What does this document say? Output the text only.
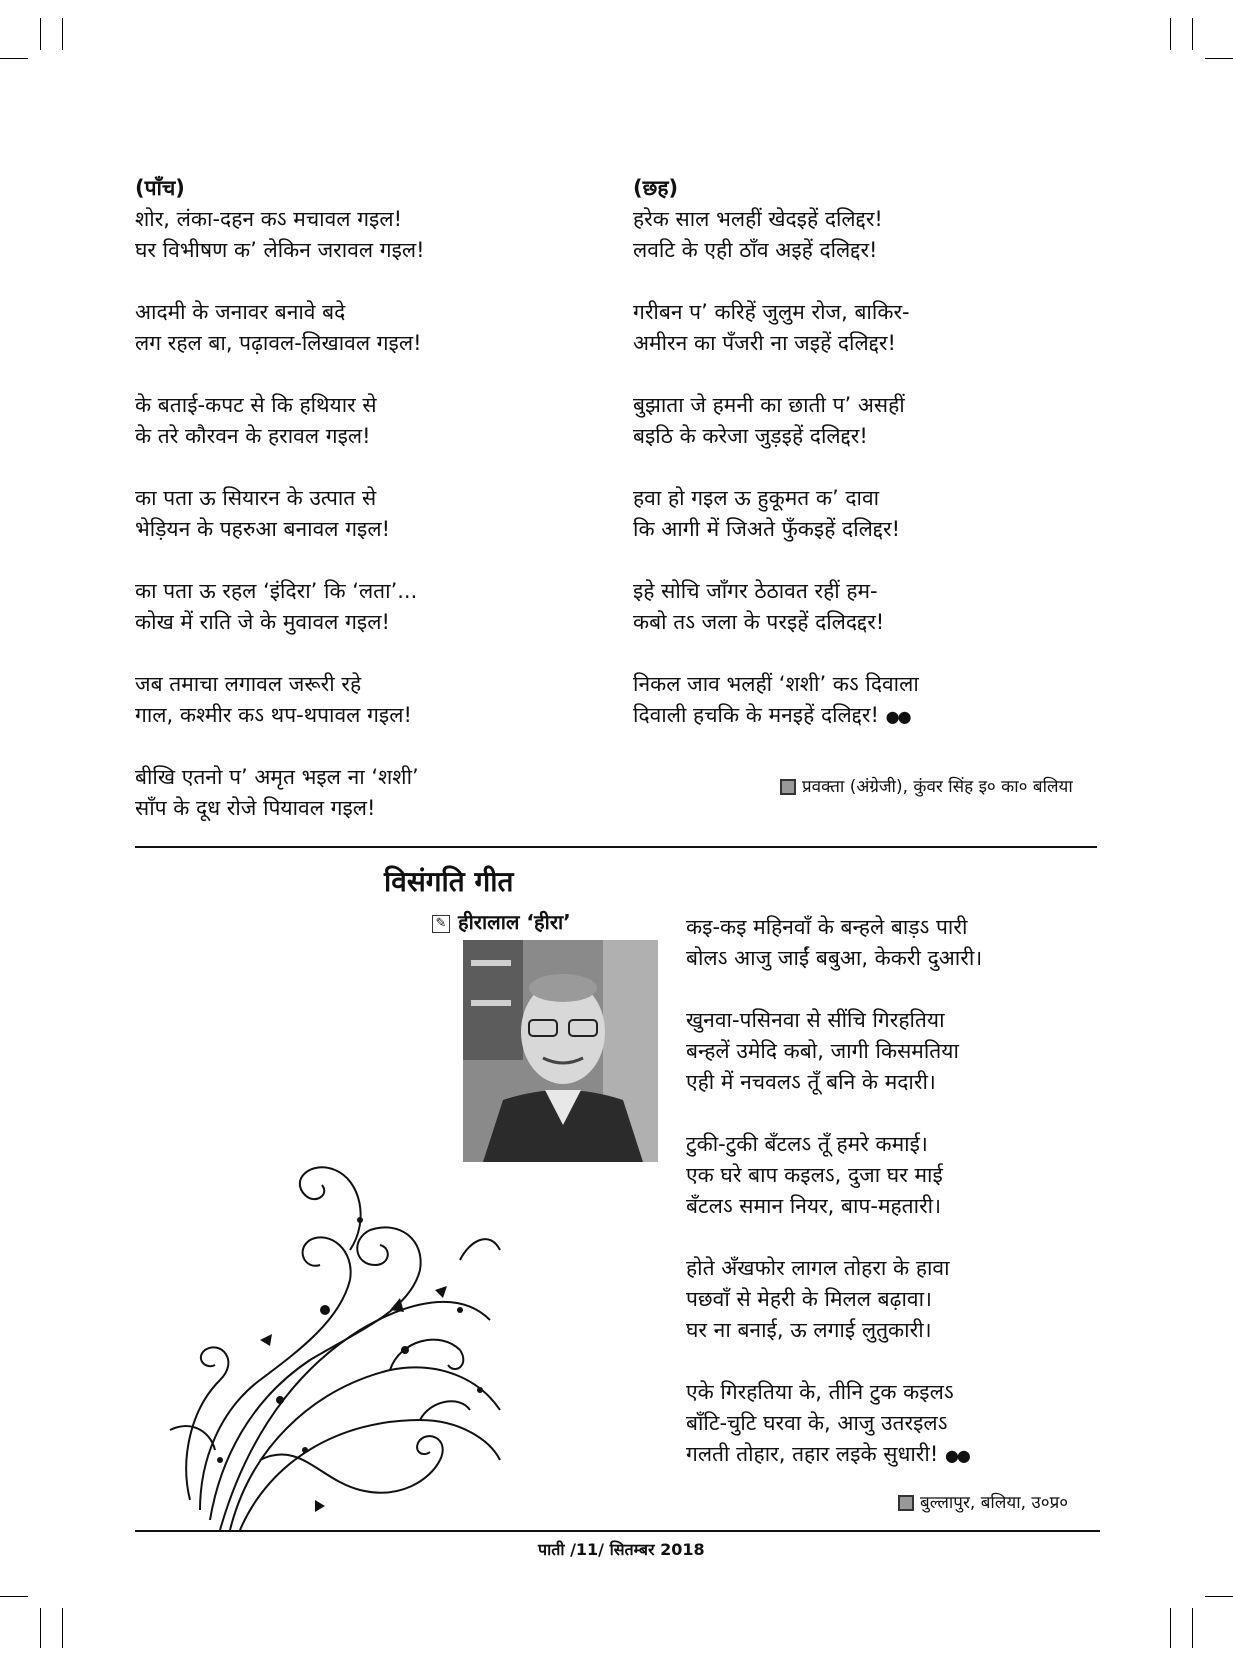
(पाँच)
शोर, लंका-दहन कऽ मचावल गइल!
घर विभीषण क’ लेकिन जरावल गइल!
आदमी के जनावर बनावे बदे
लग रहल बा, पढ़ावल-लिखावल गइल!
के बताई-कपट से कि हथियार से
के तरे कौरवन के हरावल गइल!
का पता ऊ सियारन के उत्पात से
भेड़ियन के पहरुआ बनावल गइल!
का पता ऊ रहल ‘इंदिरा’ कि ‘लता’...
कोख में राति जे के मुवावल गइल!
जब तमाचा लगावल जरूरी रहे
गाल, कश्मीर कऽ थप-थपावल गइल!
बीखि एतनो प’ अमृत भइल ना ‘शशी’
साँप के दूध रोजे पियावल गइल!
(छह)
हरेक साल भलहीं खेदइहें दलिद्दर!
लवटि के एही ठाँव अइहें दलिद्दर!
गरीबन प’ करिहें जुलुम रोज, बाकिर-
अमीरन का पँजरी ना जइहें दलिद्दर!
बुझाता जे हमनी का छाती प’ असहीं
बइठि के करेजा जुड़इहें दलिद्दर!
हवा हो गइल ऊ हुकूमत क’ दावा
कि आगी में जिअते फुँकइहें दलिद्दर!
इहे सोचि जाँगर ठेठावत रहीं हम-
कबो तऽ जला के परइहें दलिदद्दर!
निकल जाव भलहीं ‘शशी’ कऽ दिवाला
दिवाली हचकि के मनइहें दलिद्दर! ●●
प्रवक्ता (अंग्रेजी), कुंवर सिंह इ० का० बलिया
विसंगति गीत
✎ हीरालाल ‘हीरा’	कइ-कइ महिनवाँ के बन्हले बाड़ऽ पारी
बोलऽ आजु जाईं बबुआ, केकरी दुआरी।
खुनवा-पसिनवा से सींचि गिरहतिया
बन्हलें उमेदि कबो, जागी किसमतिया
एही में नचवलऽ तूँ बनि के मदारी।
टुकी-टुकी बँटलऽ तूँ हमरे कमाई।
एक घरे बाप कइलऽ, दुजा घर माई
बँटलऽ समान नियर, बाप-महतारी।
होते अँखफोर लागल तोहरा के हावा
पछवाँ से मेहरी के मिलल बढ़ावा।
घर ना बनाई, ऊ लगाई लुतुकारी।
एके गिरहतिया के, तीनि टुक कइलऽ
बाँटि-चुटि घरवा के, आजु उतरइलऽ
गलती तोहार, तहार लइके सुधारी! ●●
बुल्लापुर, बलिया, उ०प्र०
पाती /11/ सितम्बर 2018
